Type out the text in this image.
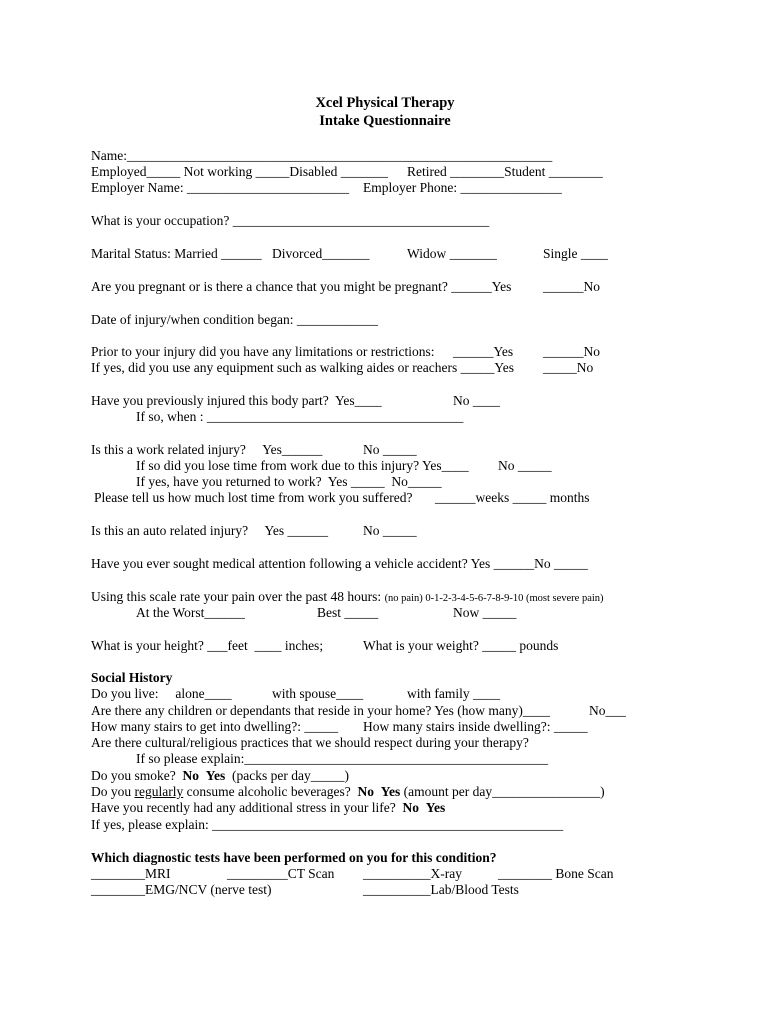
Xcel Physical Therapy
Intake Questionnaire
Name:_______________________________________________________________
Employed_____ Not working _____Disabled _______ Retired ________Student ________
Employer Name: ________________________ Employer Phone: _______________
What is your occupation? ______________________________________
Marital Status: Married ______ Divorced_______	Widow _______	Single ____
Are you pregnant or is there a chance that you might be pregnant? ______Yes ______No
Date of injury/when condition began: ____________
Prior to your injury did you have any limitations or restrictions: ______Yes ______No
If yes, did you use any equipment such as walking aides or reachers _____Yes _____No
Have you previously injured this body part?  Yes____	No ____
If so, when : ______________________________________
Is this a work related injury?     Yes______	No _____
If so did you lose time from work due to this injury? Yes____ No _____
If yes, have you returned to work?  Yes _____  No_____
Please tell us how much lost time from work you suffered? ______weeks _____ months
Is this an auto related injury?     Yes ______	No _____
Have you ever sought medical attention following a vehicle accident? Yes ______No _____
Using this scale rate your pain over the past 48 hours: (no pain) 0-1-2-3-4-5-6-7-8-9-10 (most severe pain)
At the Worst______	Best _____	Now _____
What is your height? ___feet  ____ inches;	What is your weight? _____ pounds
Social History
Do you live:     alone____	with spouse____	with family ____
Are there any children or dependants that reside in your home? Yes (how many)____	No___
How many stairs to get into dwelling?: _____ How many stairs inside dwelling?: _____
Are there cultural/religious practices that we should respect during your therapy?
If so please explain:_____________________________________________
Do you smoke? No Yes (packs per day_____)
Do you regularly consume alcoholic beverages? No Yes (amount per day________________)
Have you recently had any additional stress in your life? No Yes
If yes, please explain: ____________________________________________________
Which diagnostic tests have been performed on you for this condition?
________MRI	_________CT Scan __________X-ray	________ Bone Scan
________EMG/NCV (nerve test)	__________Lab/Blood Tests
